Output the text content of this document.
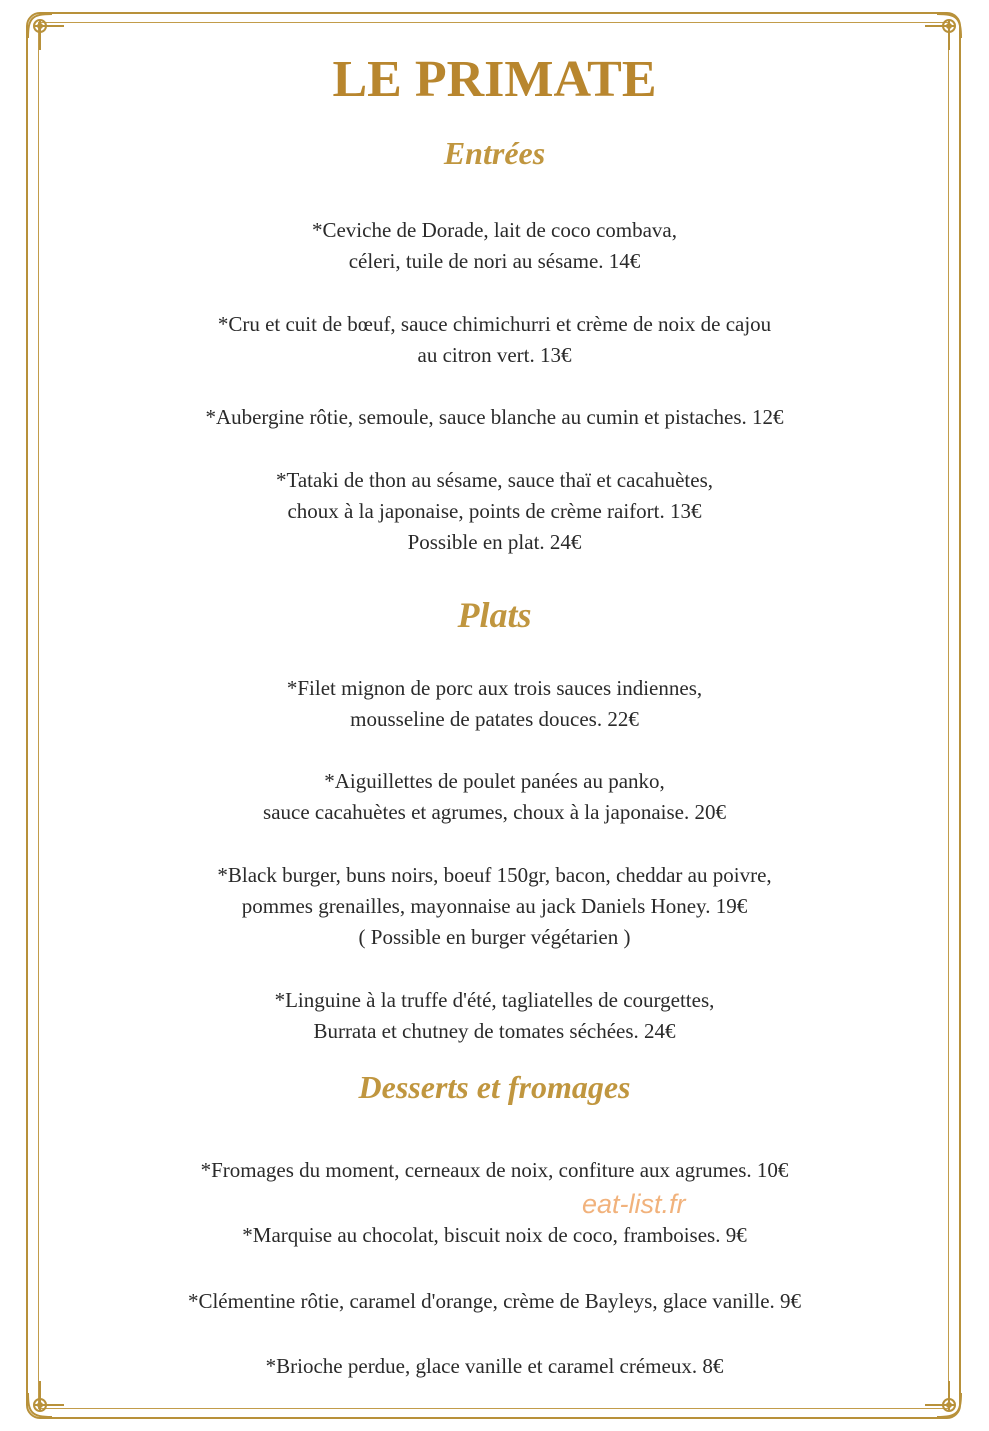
LE PRIMATE
Entrées

*Ceviche de Dorade, lait de coco combava,
céleri, tuile de nori au sésame. 14€

*Cru et cuit de bœuf, sauce chimichurri et crème de noix de cajou
au citron vert. 13€

*Aubergine rôtie, semoule, sauce blanche au cumin et pistaches. 12€

*Tataki de thon au sésame, sauce thaï et cacahuètes,
choux à la japonaise, points de crème raifort. 13€
Possible en plat. 24€

Plats

*Filet mignon de porc aux trois sauces indiennes,
mousseline de patates douces. 22€

*Aiguillettes de poulet panées au panko,
sauce cacahuètes et agrumes, choux à la japonaise. 20€

*Black burger, buns noirs, boeuf 150gr, bacon, cheddar au poivre,
pommes grenailles, mayonnaise au jack Daniels Honey. 19€
( Possible en burger végétarien )

*Linguine à la truffe d'été, tagliatelles de courgettes,
Burrata et chutney de tomates séchées. 24€

Desserts et fromages

*Fromages du moment, cerneaux de noix, confiture aux agrumes. 10€

*Marquise au chocolat, biscuit noix de coco, framboises. 9€

*Clémentine rôtie, caramel d'orange, crème de Bayleys, glace vanille. 9€

*Brioche perdue, glace vanille et caramel crémeux. 8€

eat-list.fr
